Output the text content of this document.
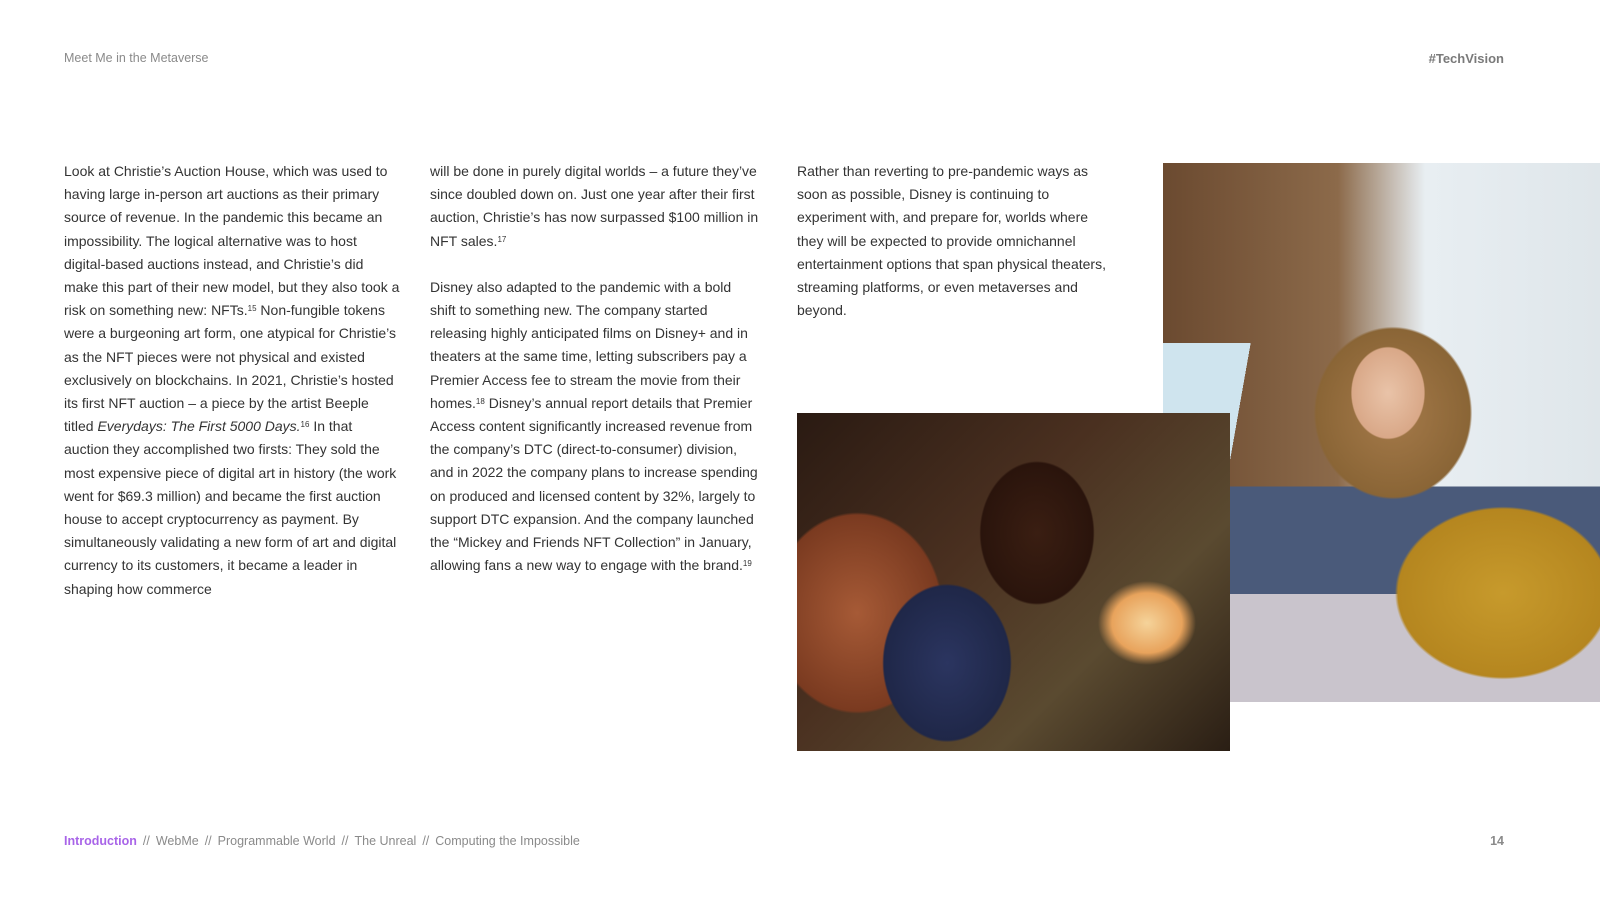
Meet Me in the Metaverse	#TechVision

Look at Christie’s Auction House, which was used to having large in-person art auctions as their primary source of revenue. In the pandemic this became an impossibility. The logical alternative was to host digital-based auctions instead, and Christie’s did make this part of their new model, but they also took a risk on something new: NFTs.$^{15}$ Non-fungible tokens were a burgeoning art form, one atypical for Christie’s as the NFT pieces were not physical and existed exclusively on blockchains. In 2021, Christie’s hosted its first NFT auction – a piece by the artist Beeple titled Everydays: The First 5000 Days.$^{16}$ In that auction they accomplished two firsts: They sold the most expensive piece of digital art in history (the work went for $69.3 million) and became the first auction house to accept cryptocurrency as payment. By simultaneously validating a new form of art and digital currency to its customers, it became a leader in shaping how commerce

will be done in purely digital worlds – a future they’ve since doubled down on. Just one year after their first auction, Christie’s has now surpassed $100 million in NFT sales.$^{17}$

Disney also adapted to the pandemic with a bold shift to something new. The company started releasing highly anticipated films on Disney+ and in theaters at the same time, letting subscribers pay a Premier Access fee to stream the movie from their homes.$^{18}$ Disney’s annual report details that Premier Access content significantly increased revenue from the company’s DTC (direct-to-consumer) division, and in 2022 the company plans to increase spending on produced and licensed content by 32%, largely to support DTC expansion. And the company launched the “Mickey and Friends NFT Collection” in January, allowing fans a new way to engage with the brand.$^{19}$

Rather than reverting to pre-pandemic ways as soon as possible, Disney is continuing to experiment with, and prepare for, worlds where they will be expected to provide omnichannel entertainment options that span physical theaters, streaming platforms, or even metaverses and beyond.

Introduction // WebMe // Programmable World // The Unreal // Computing the Impossible	14
